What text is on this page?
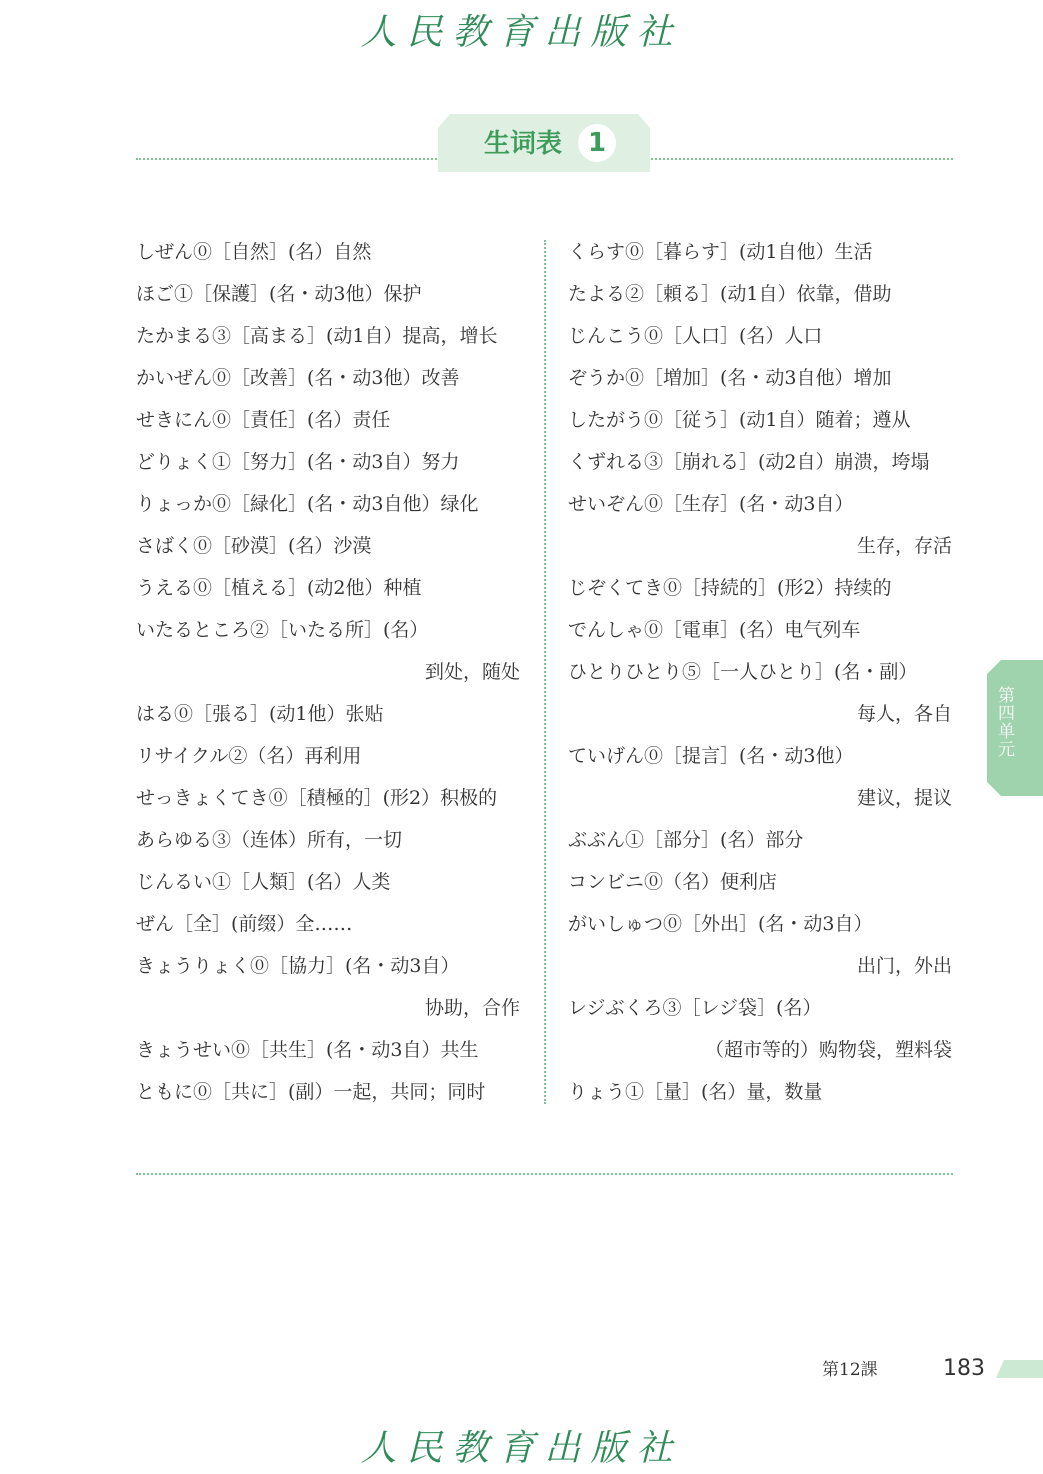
人民教育出版社
生词表 1
しぜん⓪［自然］(名）自然
ほご①［保護］(名・动3他）保护
たかまる③［高まる］(动1自）提高，增长
かいぜん⓪［改善］(名・动3他）改善
せきにん⓪［責任］(名）责任
どりょく①［努力］(名・动3自）努力
りょっか⓪［緑化］(名・动3自他）绿化
さばく⓪［砂漠］(名）沙漠
うえる⓪［植える］(动2他）种植
いたるところ②［いたる所］(名）
到处，随处
はる⓪［張る］(动1他）张贴
リサイクル②（名）再利用
せっきょくてき⓪［積極的］(形2）积极的
あらゆる③（连体）所有，一切
じんるい①［人類］(名）人类
ぜん［全］(前缀）全……
きょうりょく⓪［協力］(名・动3自）
协助，合作
きょうせい⓪［共生］(名・动3自）共生
ともに⓪［共に］(副）一起，共同；同时
くらす⓪［暮らす］(动1自他）生活
たよる②［頼る］(动1自）依靠，借助
じんこう⓪［人口］(名）人口
ぞうか⓪［増加］(名・动3自他）增加
したがう⓪［従う］(动1自）随着；遵从
くずれる③［崩れる］(动2自）崩溃，垮塌
せいぞん⓪［生存］(名・动3自）
生存，存活
じぞくてき⓪［持続的］(形2）持续的
でんしゃ⓪［電車］(名）电气列车
ひとりひとり⑤［一人ひとり］(名・副）
每人，各自
ていげん⓪［提言］(名・动3他）
建议，提议
ぶぶん①［部分］(名）部分
コンビニ⓪（名）便利店
がいしゅつ⓪［外出］(名・动3自）
出门，外出
レジぶくろ③［レジ袋］(名）
（超市等的）购物袋，塑料袋
りょう①［量］(名）量，数量
第四单元
第12課	183
人民教育出版社
